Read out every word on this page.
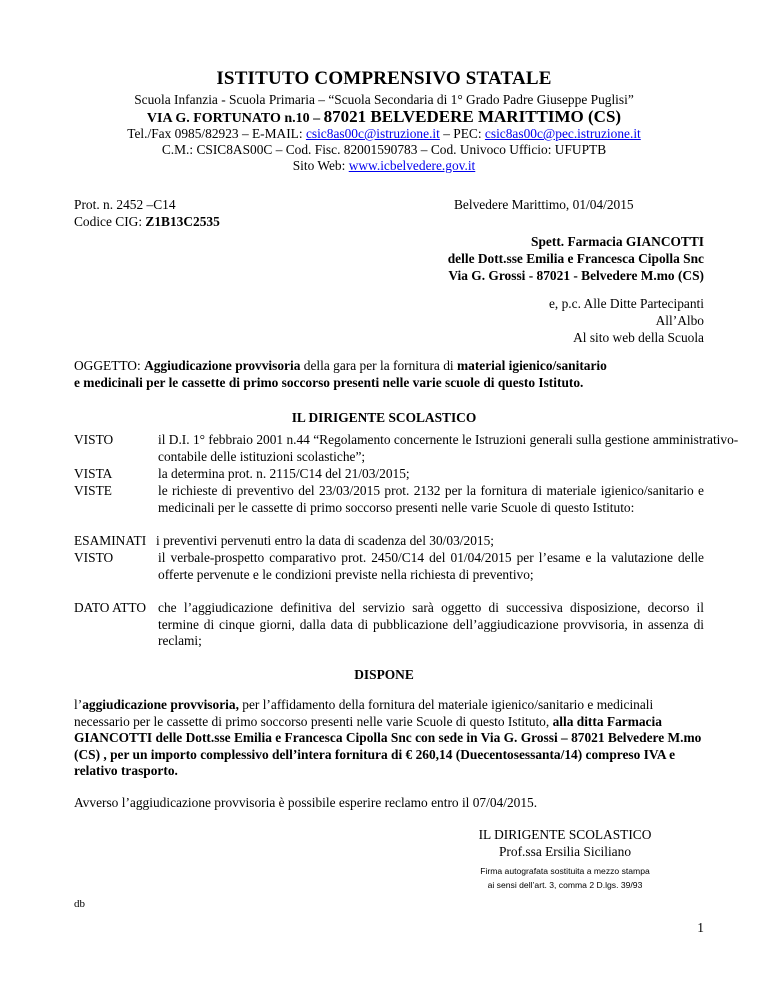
ISTITUTO COMPRENSIVO STATALE
Scuola Infanzia - Scuola Primaria – “Scuola Secondaria di 1° Grado Padre Giuseppe Puglisi”
VIA G. FORTUNATO n.10 – 87021 BELVEDERE MARITTIMO (CS)
Tel./Fax 0985/82923 – E-MAIL: csic8as00c@istruzione.it – PEC: csic8as00c@pec.istruzione.it
C.M.: CSIC8AS00C – Cod. Fisc. 82001590783 – Cod. Univoco Ufficio: UFUPTB
Sito Web: www.icbelvedere.gov.it
Prot. n. 2452 –C14
Codice CIG: Z1B13C2535
Belvedere Marittimo, 01/04/2015
Spett. Farmacia GIANCOTTI
delle Dott.sse Emilia e Francesca Cipolla Snc
Via G. Grossi - 87021 - Belvedere M.mo (CS)
e, p.c. Alle Ditte Partecipanti
All’Albo
Al sito web della Scuola
OGGETTO: Aggiudicazione provvisoria della gara per la fornitura di material igienico/sanitario
e medicinali per le cassette di primo soccorso presenti nelle varie scuole di questo Istituto.
IL DIRIGENTE SCOLASTICO
VISTO	il D.I. 1° febbraio 2001 n.44 “Regolamento concernente le Istruzioni generali sulla gestione amministrativo-contabile delle istituzioni scolastiche”;
VISTA	la determina prot. n. 2115/C14 del 21/03/2015;
VISTE	le richieste di preventivo del 23/03/2015 prot. 2132 per la fornitura di materiale igienico/sanitario e medicinali per le cassette di primo soccorso presenti nelle varie Scuole di questo Istituto:
ESAMINATI i preventivi pervenuti entro la data di scadenza del 30/03/2015;
VISTO	il verbale-prospetto comparativo prot. 2450/C14 del 01/04/2015 per l’esame e la valutazione delle offerte pervenute e le condizioni previste nella richiesta di preventivo;
DATO ATTO che l’aggiudicazione definitiva del servizio sarà oggetto di successiva disposizione, decorso il termine di cinque giorni, dalla data di pubblicazione dell’aggiudicazione provvisoria, in assenza di reclami;
DISPONE
l’aggiudicazione provvisoria, per l’affidamento della fornitura del materiale igienico/sanitario e medicinali necessario per le cassette di primo soccorso presenti nelle varie Scuole di questo Istituto, alla ditta Farmacia GIANCOTTI delle Dott.sse Emilia e Francesca Cipolla Snc con sede in Via G. Grossi – 87021 Belvedere M.mo (CS) , per un importo complessivo dell’intera fornitura di € 260,14 (Duecentosessanta/14) compreso IVA e relativo trasporto.
Avverso l’aggiudicazione provvisoria è possibile esperire reclamo entro il 07/04/2015.
IL DIRIGENTE SCOLASTICO
Prof.ssa Ersilia Siciliano
Firma autografata sostituita a mezzo stampa
ai sensi dell’art. 3, comma 2 D.lgs. 39/93
db
1
